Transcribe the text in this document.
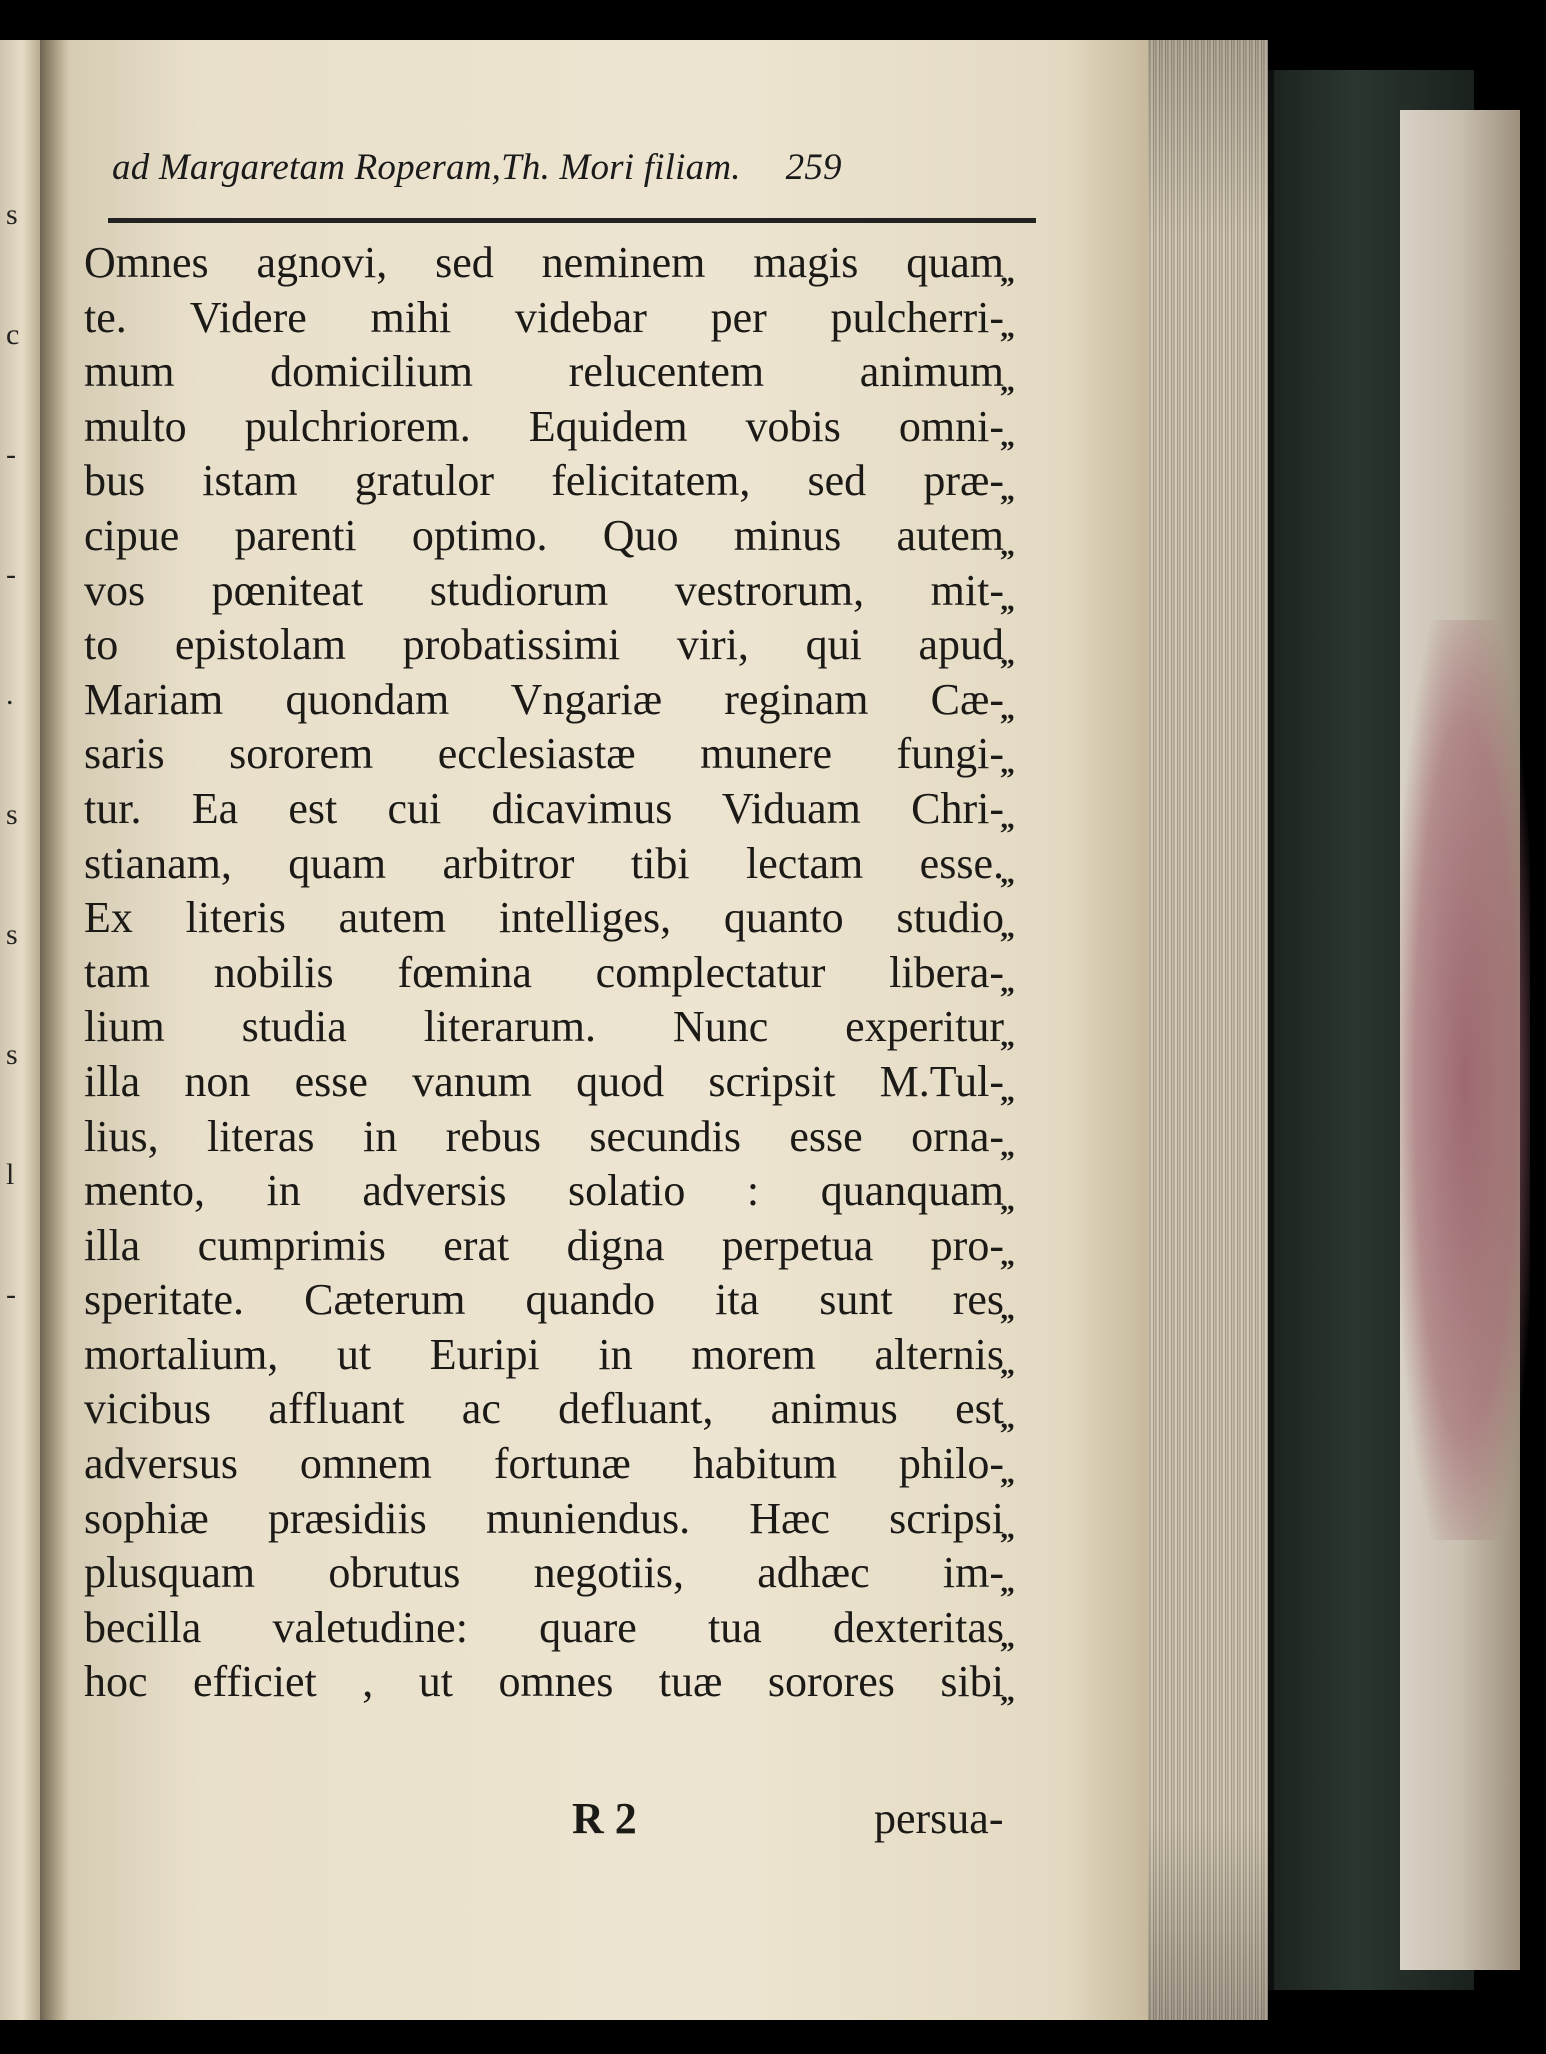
s
c
-
-
.
s
s
s
l
-
ad Margaretam Roperam,Th. Mori filiam. 259
Omnes agnovi, sed neminem magis quam
te. Videre mihi videbar per pulcherri-
mum domicilium relucentem animum
multo pulchriorem. Equidem vobis omni-
bus istam gratulor felicitatem, sed præ-
cipue parenti optimo. Quo minus autem
vos pœniteat studiorum vestrorum, mit-
to epistolam probatissimi viri, qui apud
Mariam quondam Vngariæ reginam Cæ-
saris sororem ecclesiastæ munere fungi-
tur. Ea est cui dicavimus Viduam Chri-
stianam, quam arbitror tibi lectam esse.
Ex literis autem intelliges, quanto studio
tam nobilis fœmina complectatur libera-
lium studia literarum. Nunc experitur
illa non esse vanum quod scripsit M.Tul-
lius, literas in rebus secundis esse orna-
mento, in adversis solatio : quanquam
illa cumprimis erat digna perpetua pro-
speritate. Cæterum quando ita sunt res
mortalium, ut Euripi in morem alternis
vicibus affluant ac defluant, animus est
adversus omnem fortunæ habitum philo-
sophiæ præsidiis muniendus. Hæc scripsi
plusquam obrutus negotiis, adhæc im-
becilla valetudine: quare tua dexteritas
hoc efficiet , ut omnes tuæ sorores sibi
„
„
„
„
„
„
„
„
„
„
„
„
„
„
„
„
„
„
„
„
„
„
„
„
„
„
„
R 2	persua-
